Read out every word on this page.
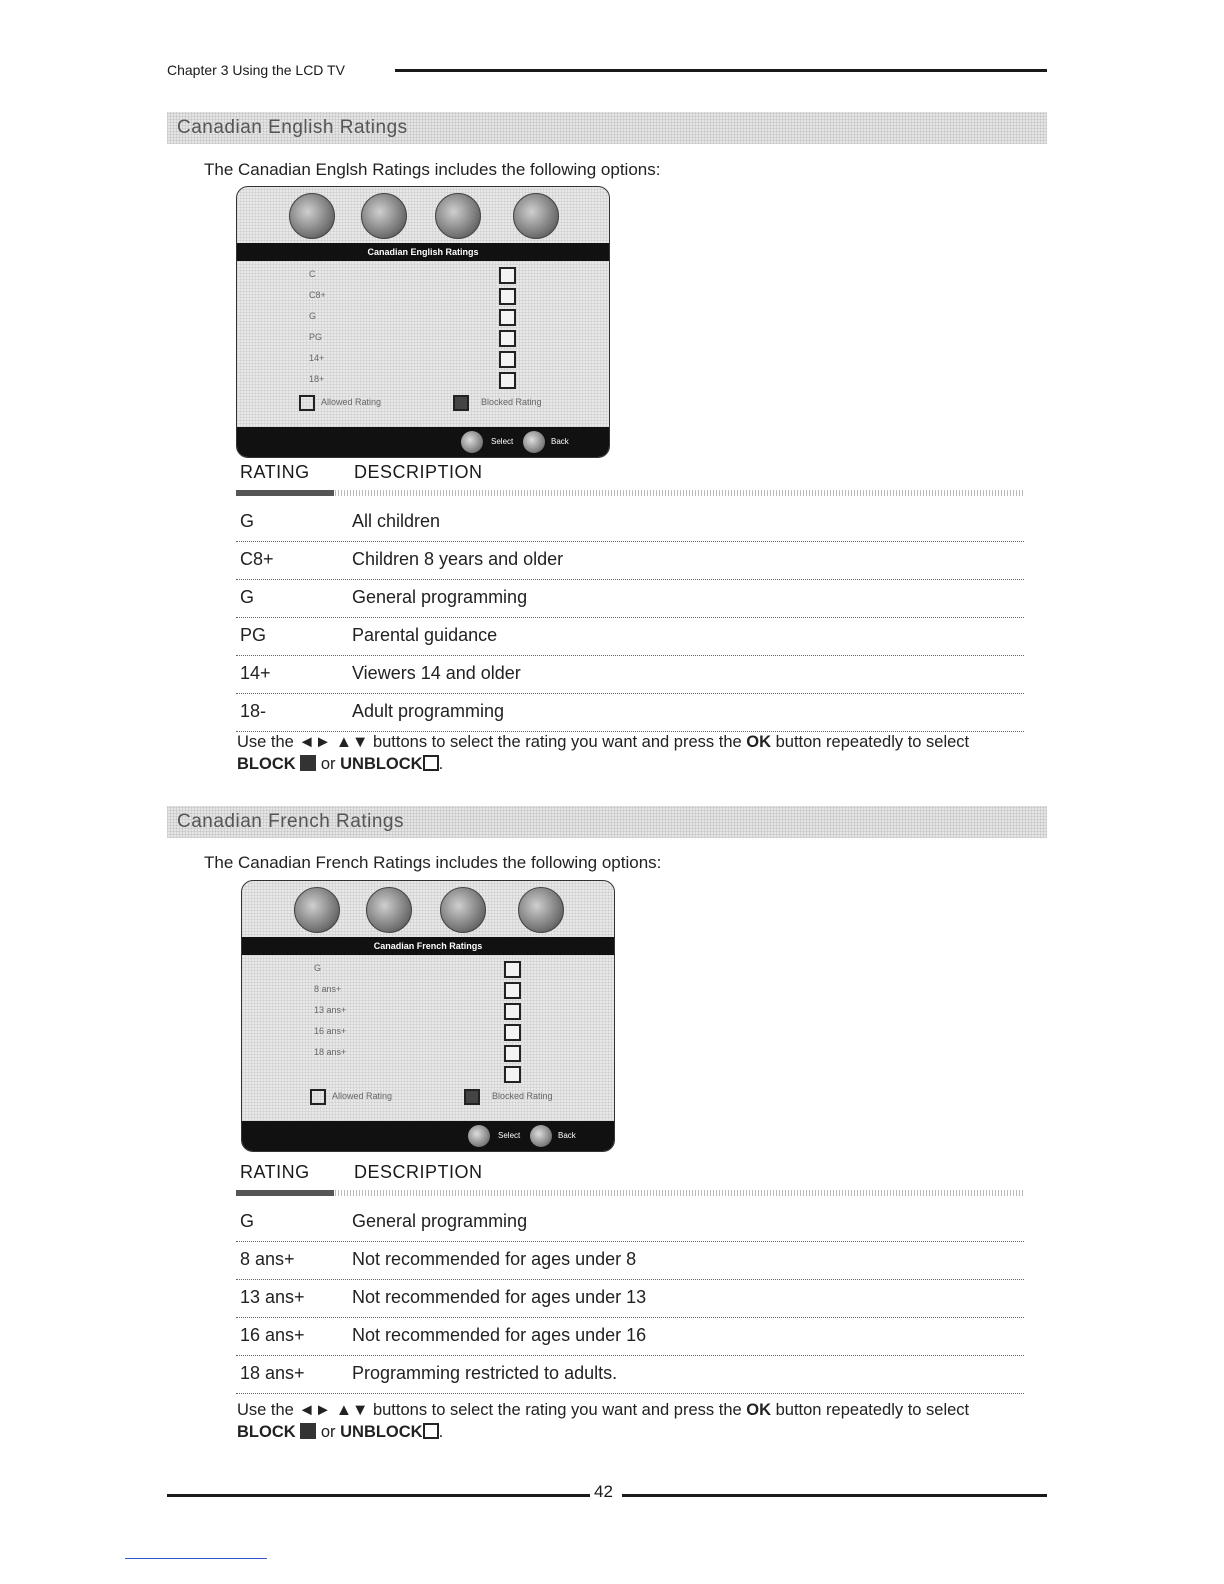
Chapter 3 Using the LCD TV
Canadian English Ratings
The Canadian Englsh Ratings includes the following options:
Canadian English Ratings
C
C8+
G
PG
14+
18+
Allowed Rating	Blocked Rating
Select	Back
RATING DESCRIPTION
G	All children
C8+	Children 8 years and older
G	General programming
PG	Parental guidance
14+	Viewers 14 and older
18-	Adult programming
Use the ◄► ▲▼ buttons to select the rating you want and press the OK button repeatedly to select BLOCK  or UNBLOCK .
Canadian French Ratings
The Canadian French Ratings includes the following options:
Canadian French Ratings
G
8 ans+
13 ans+
16 ans+
18 ans+
Allowed Rating	Blocked Rating
Select	Back
RATING DESCRIPTION
G	General programming
8 ans+	Not recommended for ages under 8
13 ans+	Not recommended for ages under 13
16 ans+	Not recommended for ages under 16
18 ans+	Programming restricted to adults.
Use the ◄► ▲▼ buttons to select the rating you want and press the OK button repeatedly to select BLOCK  or UNBLOCK .
42
